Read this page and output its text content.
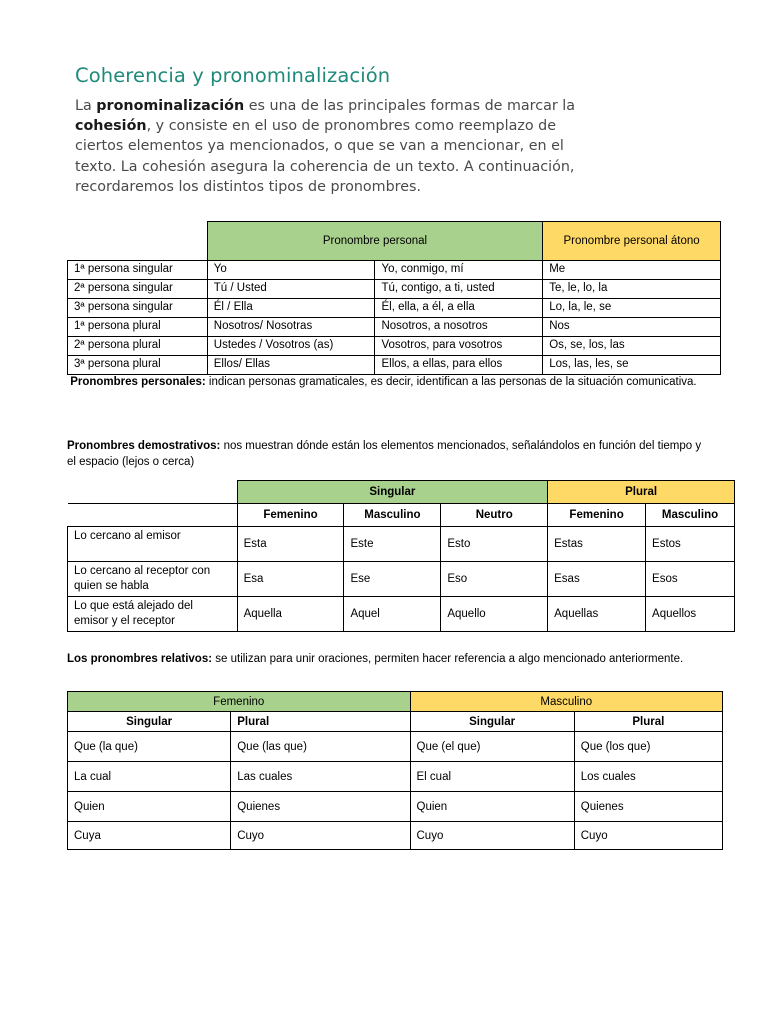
Coherencia y pronominalización
La pronominalización es una de las principales formas de marcar la cohesión, y consiste en el uso de pronombres como reemplazo de ciertos elementos ya mencionados, o que se van a mencionar, en el texto. La cohesión asegura la coherencia de un texto. A continuación, recordaremos los distintos tipos de pronombres.
	Pronombre personal		Pronombre personal átono
1ª persona singular	Yo	Yo, conmigo, mí	Me
2ª persona singular	Tú / Usted	Tú, contigo, a ti, usted	Te, le, lo, la
3ª persona singular	Él / Ella	Él, ella, a él, a ella	Lo, la, le, se
1ª persona plural	Nosotros/ Nosotras	Nosotros, a nosotros	Nos
2ª persona plural	Ustedes / Vosotros (as)	Vosotros, para vosotros	Os, se, los, las
3ª persona plural	Ellos/ Ellas	Ellos, a ellas, para ellos	Los, las, les, se
Pronombres personales: indican personas gramaticales, es decir, identifican a las personas de la situación comunicativa.
Pronombres demostrativos: nos muestran dónde están los elementos mencionados, señalándolos en función del tiempo y el espacio (lejos o cerca)
	Singular			Plural	
	Femenino	Masculino	Neutro	Femenino	Masculino
Lo cercano al emisor	Esta	Este	Esto	Estas	Estos
Lo cercano al receptor con quien se habla	Esa	Ese	Eso	Esas	Esos
Lo que está alejado del emisor y el receptor	Aquella	Aquel	Aquello	Aquellas	Aquellos
Los pronombres relativos: se utilizan para unir oraciones, permiten hacer referencia a algo mencionado anteriormente.
Femenino		Masculino	
Singular	Plural	Singular	Plural
Que (la que)	Que (las que)	Que (el que)	Que (los que)
La cual	Las cuales	El cual	Los cuales
Quien	Quienes	Quien	Quienes
Cuya	Cuyo	Cuyo	Cuyo
